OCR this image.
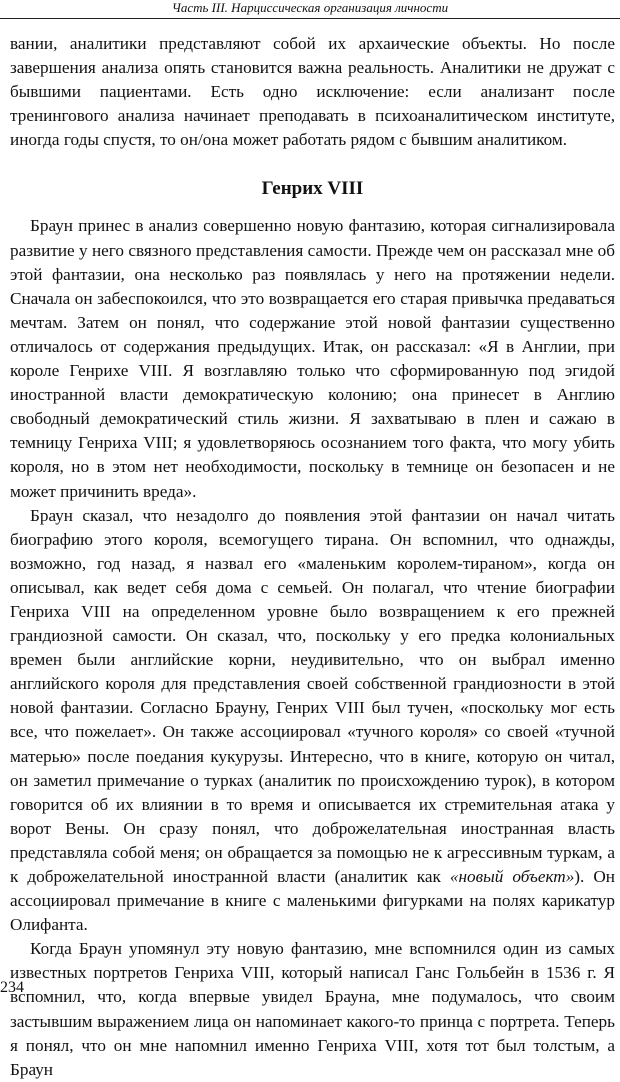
Часть III. Нарциссическая организация личности

вании, аналитики представляют собой их архаические объекты. Но после завершения анализа опять становится важна реальность. Аналитики не дружат с бывшими пациентами. Есть одно исключение: если анализант после тренингового анализа начинает преподавать в психоаналитическом институте, иногда годы спустя, то он/она может работать рядом с бывшим аналитиком.

Генрих VIII

Браун принес в анализ совершенно новую фантазию, которая сигнализировала развитие у него связного представления самости. Прежде чем он рассказал мне об этой фантазии, она несколько раз появлялась у него на протяжении недели. Сначала он забеспокоился, что это возвращается его старая привычка предаваться мечтам. Затем он понял, что содержание этой новой фантазии существенно отличалось от содержания предыдущих. Итак, он рассказал: «Я в Англии, при короле Генрихе VIII. Я возглавляю только что сформированную под эгидой иностранной власти демократическую колонию; она принесет в Англию свободный демократический стиль жизни. Я захватываю в плен и сажаю в темницу Генриха VIII; я удовлетворяюсь осознанием того факта, что могу убить короля, но в этом нет необходимости, поскольку в темнице он безопасен и не может причинить вреда».

Браун сказал, что незадолго до появления этой фантазии он начал читать биографию этого короля, всемогущего тирана. Он вспомнил, что однажды, возможно, год назад, я назвал его «маленьким королем-тираном», когда он описывал, как ведет себя дома с семьей. Он полагал, что чтение биографии Генриха VIII на определенном уровне было возвращением к его прежней грандиозной самости. Он сказал, что, поскольку у его предка колониальных времен были английские корни, неудивительно, что он выбрал именно английского короля для представления своей собственной грандиозности в этой новой фантазии. Согласно Брауну, Генрих VIII был тучен, «поскольку мог есть все, что пожелает». Он также ассоциировал «тучного короля» со своей «тучной матерью» после поедания кукурузы. Интересно, что в книге, которую он читал, он заметил примечание о турках (аналитик по происхождению турок), в котором говорится об их влиянии в то время и описывается их стремительная атака у ворот Вены. Он сразу понял, что доброжелательная иностранная власть представляла собой меня; он обращается за помощью не к агрессивным туркам, а к доброжелательной иностранной власти (аналитик как «новый объект»). Он ассоциировал примечание в книге с маленькими фигурками на полях карикатур Олифанта.

Когда Браун упомянул эту новую фантазию, мне вспомнился один из самых известных портретов Генриха VIII, который написал Ганс Гольбейн в 1536 г. Я вспомнил, что, когда впервые увидел Брауна, мне подумалось, что своим застывшим выражением лица он напоминает какого-то принца с портрета. Теперь я понял, что он мне напомнил именно Генриха VIII, хотя тот был толстым, а Браун

234
